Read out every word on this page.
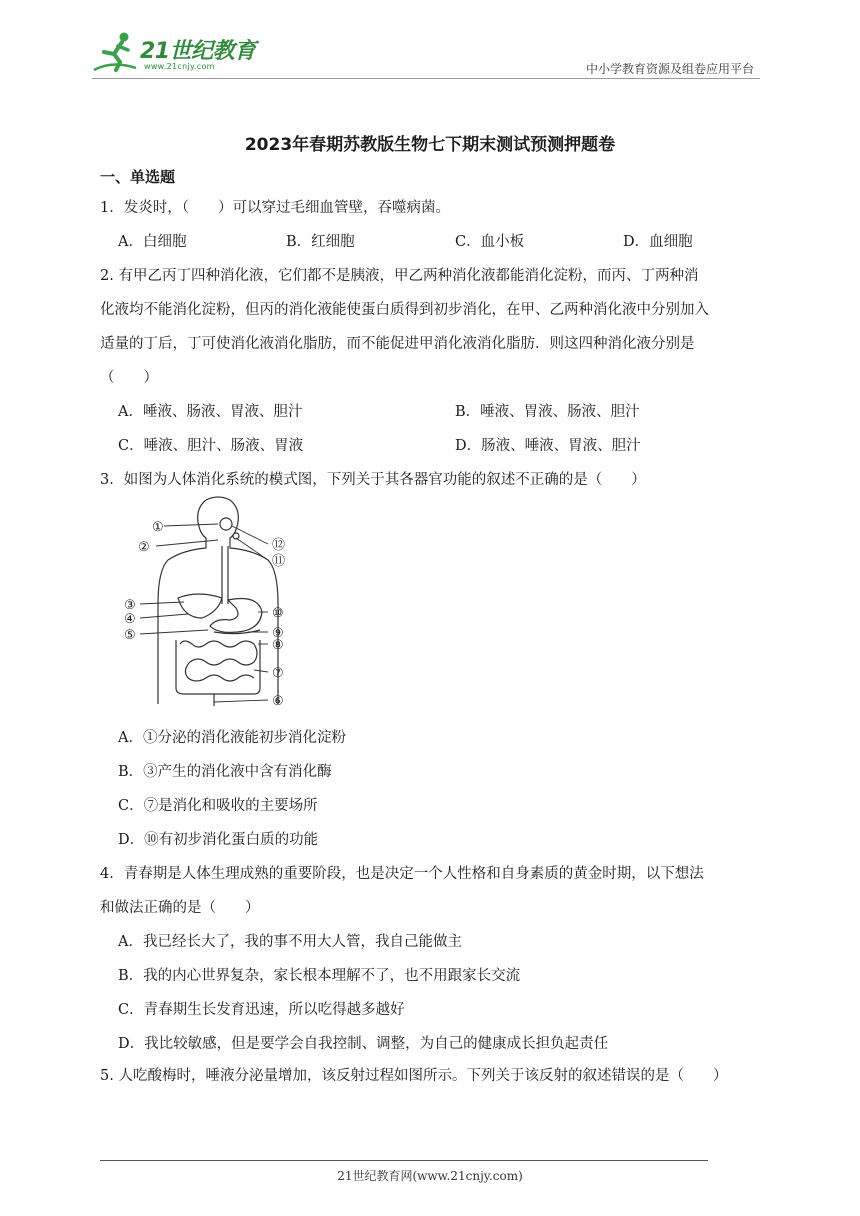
21世纪教育
www.21cnjy.com	中小学教育资源及组卷应用平台
2023年春期苏教版生物七下期末测试预测押题卷
一、单选题
1．发炎时，（　　）可以穿过毛细血管壁，吞噬病菌。
A．白细胞	B．红细胞	C．血小板	D．血细胞
2. 有甲乙丙丁四种消化液，它们都不是胰液，甲乙两种消化液都能消化淀粉，而丙、丁两种消
化液均不能消化淀粉，但丙的消化液能使蛋白质得到初步消化，在甲、乙两种消化液中分别加入
适量的丁后，丁可使消化液消化脂肪，而不能促进甲消化液消化脂肪．则这四种消化液分别是
（　　）
A．唾液、肠液、胃液、胆汁	B．唾液、胃液、肠液、胆汁
C．唾液、胆汁、肠液、胃液	D．肠液、唾液、胃液、胆汁
3．如图为人体消化系统的模式图，下列关于其各器官功能的叙述不正确的是（　　）
①
②
③
④
⑤
⑥
⑦
⑧
⑨
⑩
⑪
⑫
A．①分泌的消化液能初步消化淀粉
B．③产生的消化液中含有消化酶
C．⑦是消化和吸收的主要场所
D．⑩有初步消化蛋白质的功能
4．青春期是人体生理成熟的重要阶段，也是决定一个人性格和自身素质的黄金时期，以下想法
和做法正确的是（　　）
A．我已经长大了，我的事不用大人管，我自己能做主
B．我的内心世界复杂，家长根本理解不了，也不用跟家长交流
C．青春期生长发育迅速，所以吃得越多越好
D．我比较敏感，但是要学会自我控制、调整，为自己的健康成长担负起责任
5. 人吃酸梅时，唾液分泌量增加，该反射过程如图所示。下列关于该反射的叙述错误的是（　　）
21世纪教育网(www.21cnjy.com)
